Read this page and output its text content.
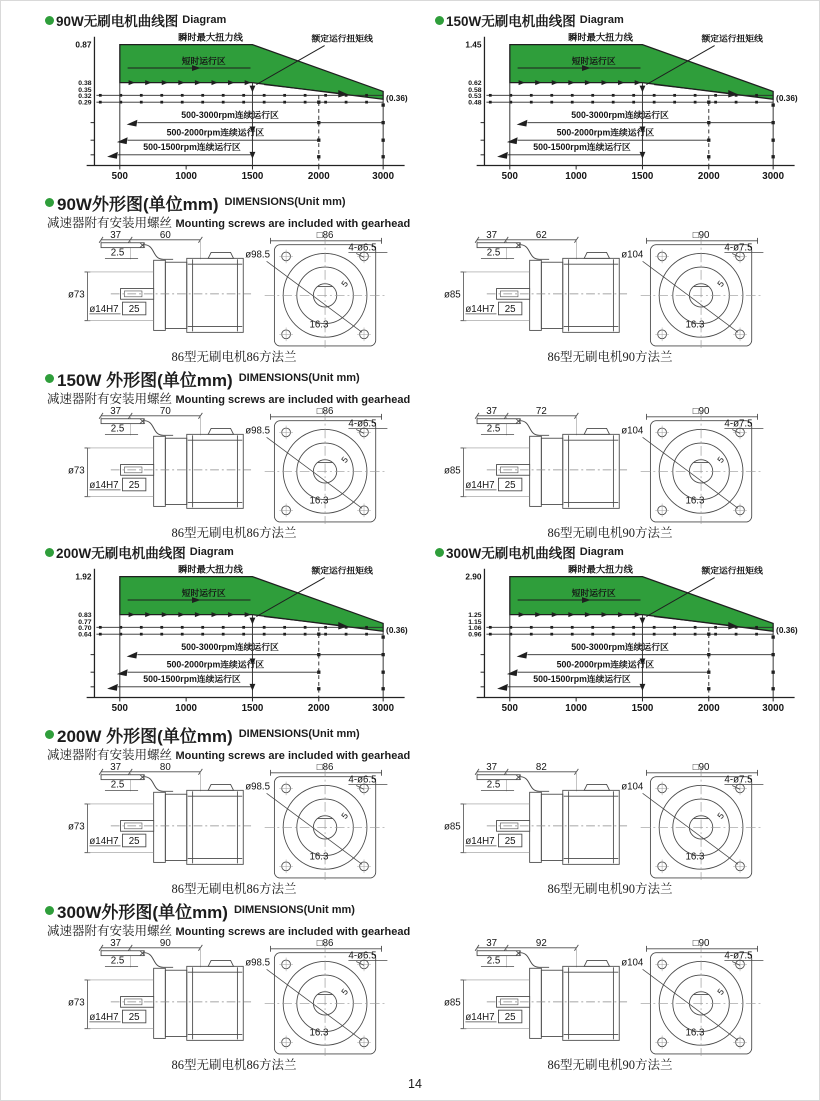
90W无刷电机曲线图 Diagram
500-3000rpm连续运行区
500-2000rpm连续运行区
500-1500rpm连续运行区
0.87
0.38
0.35
0.32
0.29
瞬时最大扭力线
短时运行区
额定运行扭矩线
(0.36)
500	1000	1500	2000	3000
150W无刷电机曲线图 Diagram
500-3000rpm连续运行区
500-2000rpm连续运行区
500-1500rpm连续运行区
1.45
0.62
0.58
0.53
0.48
瞬时最大扭力线
短时运行区
额定运行扭矩线
(0.36)
500	1000	1500	2000	3000
90W外形图(单位mm) DIMENSIONS(Unit mm)
减速器附有安装用螺丝 Mounting screws are included with gearhead
37	60
2.5
ø73
ø14H7 25
□86
ø98.5
4-ø6.5
5
16.3
86型无刷电机86方法兰
37	62
2.5
ø85
ø14H7 25
□90
ø104
4-ø7.5
5
16.3
86型无刷电机90方法兰
150W 外形图(单位mm) DIMENSIONS(Unit mm)
减速器附有安装用螺丝 Mounting screws are included with gearhead
37	70
2.5
ø73
ø14H7 25
□86
ø98.5
4-ø6.5
5
16.3
86型无刷电机86方法兰
37	72
2.5
ø85
ø14H7 25
□90
ø104
4-ø7.5
5
16.3
86型无刷电机90方法兰
200W无刷电机曲线图 Diagram
500-3000rpm连续运行区
500-2000rpm连续运行区
500-1500rpm连续运行区
1.92
0.83
0.77
0.70
0.64
瞬时最大扭力线
短时运行区
额定运行扭矩线
(0.36)
500	1000	1500	2000	3000
300W无刷电机曲线图 Diagram
500-3000rpm连续运行区
500-2000rpm连续运行区
500-1500rpm连续运行区
2.90
1.25
1.15
1.06
0.96
瞬时最大扭力线
短时运行区
额定运行扭矩线
(0.36)
500	1000	1500	2000	3000
200W 外形图(单位mm) DIMENSIONS(Unit mm)
减速器附有安装用螺丝 Mounting screws are included with gearhead
37	80
2.5
ø73
ø14H7 25
□86
ø98.5
4-ø6.5
5
16.3
86型无刷电机86方法兰
37	82
2.5
ø85
ø14H7 25
□90
ø104
4-ø7.5
5
16.3
86型无刷电机90方法兰
300W外形图(单位mm) DIMENSIONS(Unit mm)
减速器附有安装用螺丝 Mounting screws are included with gearhead
37	90
2.5
ø73
ø14H7 25
□86
ø98.5
4-ø6.5
5
16.3
86型无刷电机86方法兰
37	92
2.5
ø85
ø14H7 25
□90
ø104
4-ø7.5
5
16.3
86型无刷电机90方法兰
14
